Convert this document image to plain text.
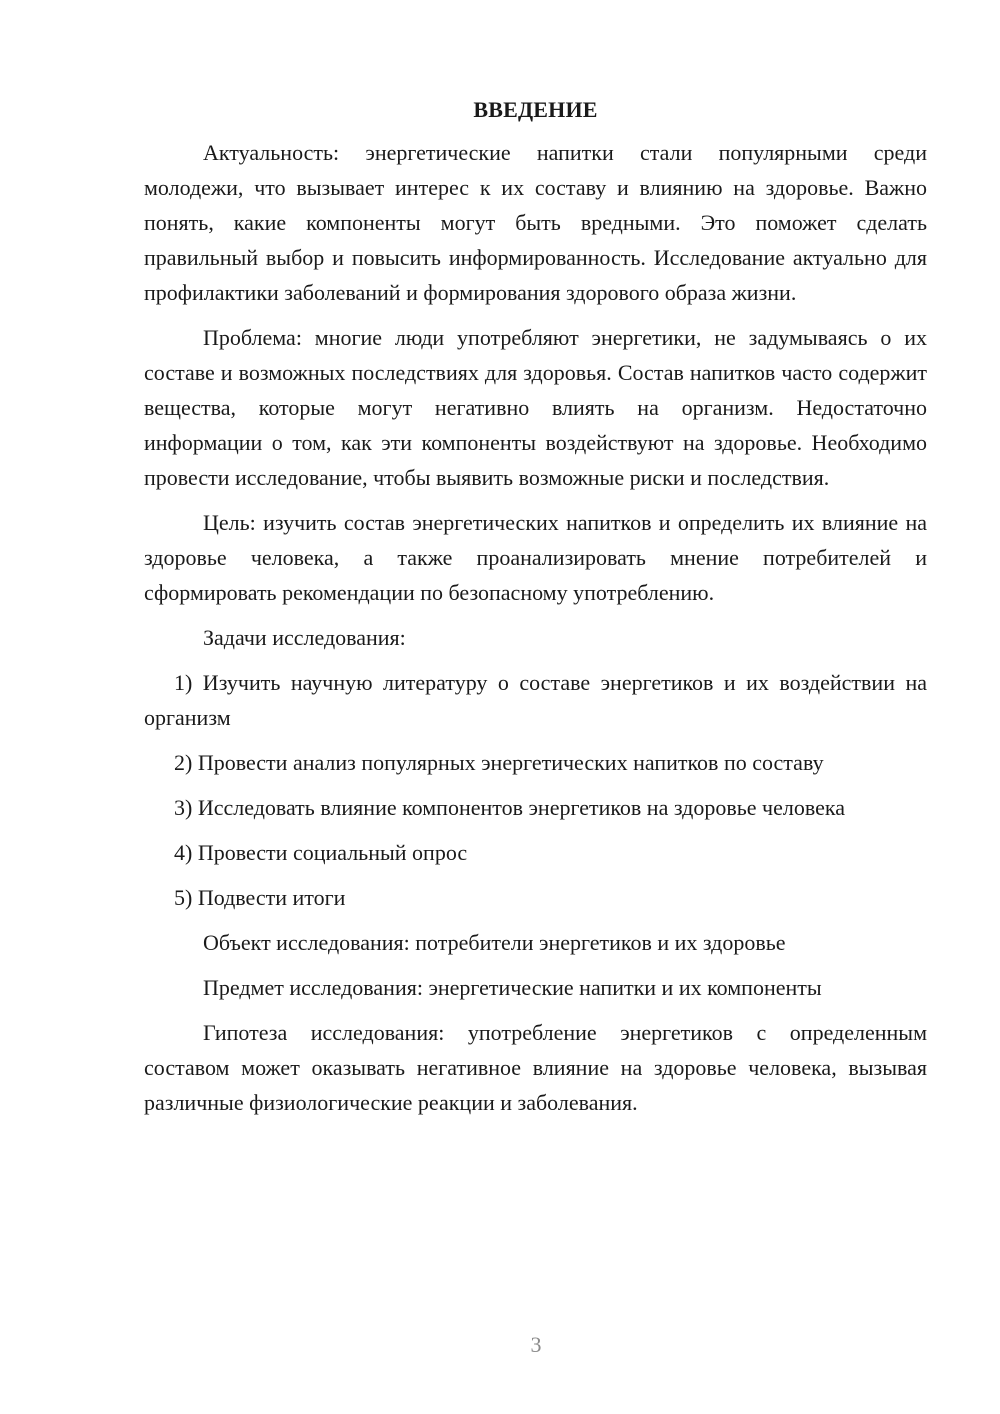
ВВЕДЕНИЕ

Актуальность: энергетические напитки стали популярными среди молодежи, что вызывает интерес к их составу и влиянию на здоровье. Важно понять, какие компоненты могут быть вредными. Это поможет сделать правильный выбор и повысить информированность. Исследование актуально для профилактики заболеваний и формирования здорового образа жизни.

Проблема: многие люди употребляют энергетики, не задумываясь о их составе и возможных последствиях для здоровья. Состав напитков часто содержит вещества, которые могут негативно влиять на организм. Недостаточно информации о том, как эти компоненты воздействуют на здоровье. Необходимо провести исследование, чтобы выявить возможные риски и последствия.

Цель: изучить состав энергетических напитков и определить их влияние на здоровье человека, а также проанализировать мнение потребителей и сформировать рекомендации по безопасному употреблению.

Задачи исследования:

1) Изучить научную литературу о составе энергетиков и их воздействии на организм

2) Провести анализ популярных энергетических напитков по составу

3) Исследовать влияние компонентов энергетиков на здоровье человека

4) Провести социальный опрос

5) Подвести итоги

Объект исследования: потребители энергетиков и их здоровье

Предмет исследования: энергетические напитки и их компоненты

Гипотеза исследования: употребление энергетиков с определенным составом может оказывать негативное влияние на здоровье человека, вызывая различные физиологические реакции и заболевания.

3
